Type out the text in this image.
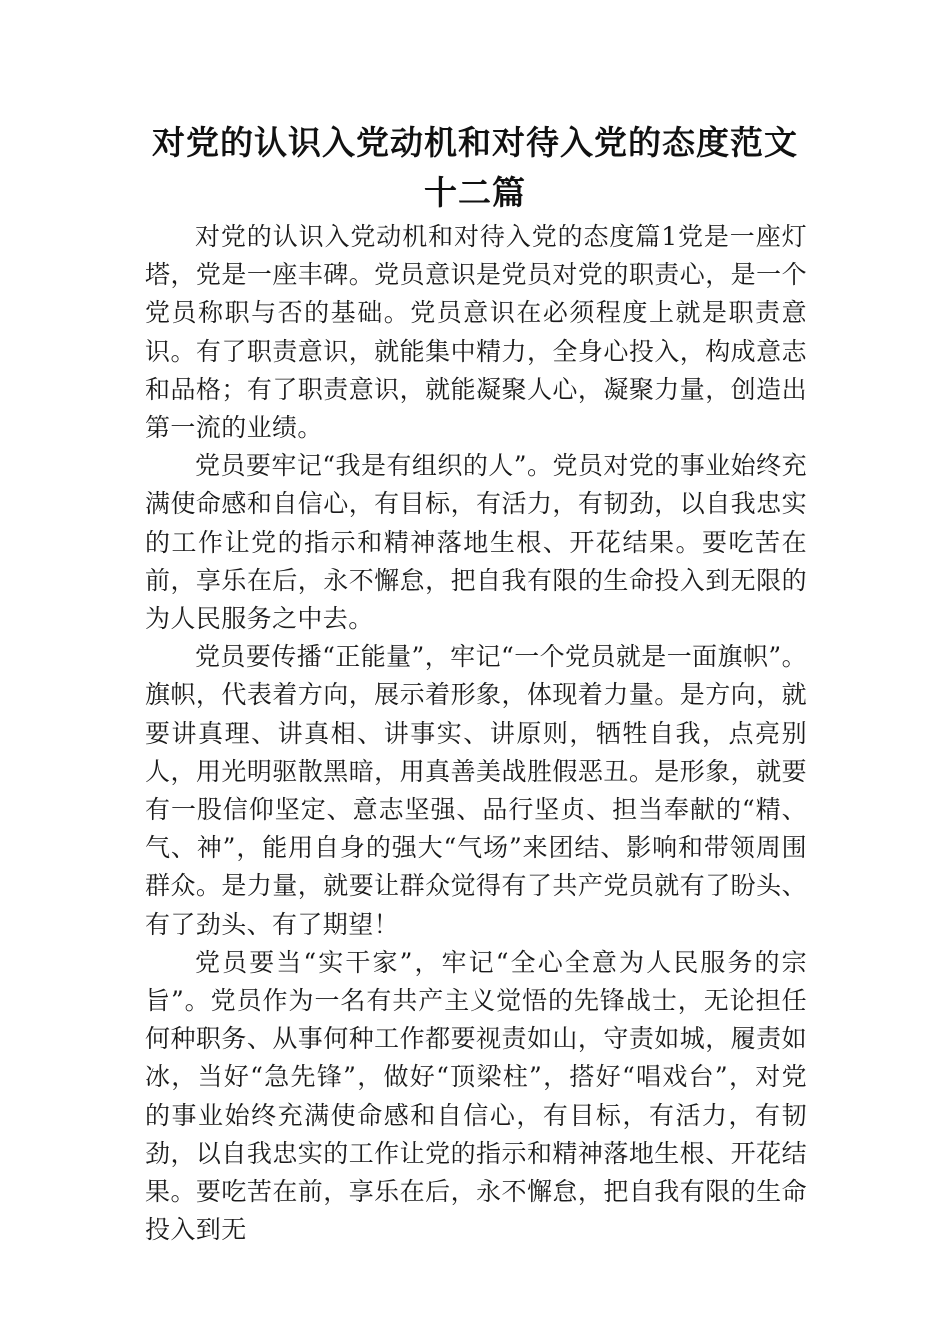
对党的认识入党动机和对待入党的态度范文十二篇

对党的认识入党动机和对待入党的态度篇1党是一座灯塔，党是一座丰碑。党员意识是党员对党的职责心，是一个党员称职与否的基础。党员意识在必须程度上就是职责意识。有了职责意识，就能集中精力，全身心投入，构成意志和品格；有了职责意识，就能凝聚人心，凝聚力量，创造出第一流的业绩。

党员要牢记“我是有组织的人”。党员对党的事业始终充满使命感和自信心，有目标，有活力，有韧劲，以自我忠实的工作让党的指示和精神落地生根、开花结果。要吃苦在前，享乐在后，永不懈怠，把自我有限的生命投入到无限的为人民服务之中去。

党员要传播“正能量”，牢记“一个党员就是一面旗帜”。旗帜，代表着方向，展示着形象，体现着力量。是方向，就要讲真理、讲真相、讲事实、讲原则，牺牲自我，点亮别人，用光明驱散黑暗，用真善美战胜假恶丑。是形象，就要有一股信仰坚定、意志坚强、品行坚贞、担当奉献的“精、气、神”，能用自身的强大“气场”来团结、影响和带领周围群众。是力量，就要让群众觉得有了共产党员就有了盼头、有了劲头、有了期望！

党员要当“实干家”，牢记“全心全意为人民服务的宗旨”。党员作为一名有共产主义觉悟的先锋战士，无论担任何种职务、从事何种工作都要视责如山，守责如城，履责如冰，当好“急先锋”，做好“顶梁柱”，搭好“唱戏台”，对党的事业始终充满使命感和自信心，有目标，有活力，有韧劲，以自我忠实的工作让党的指示和精神落地生根、开花结果。要吃苦在前，享乐在后，永不懈怠，把自我有限的生命投入到无
